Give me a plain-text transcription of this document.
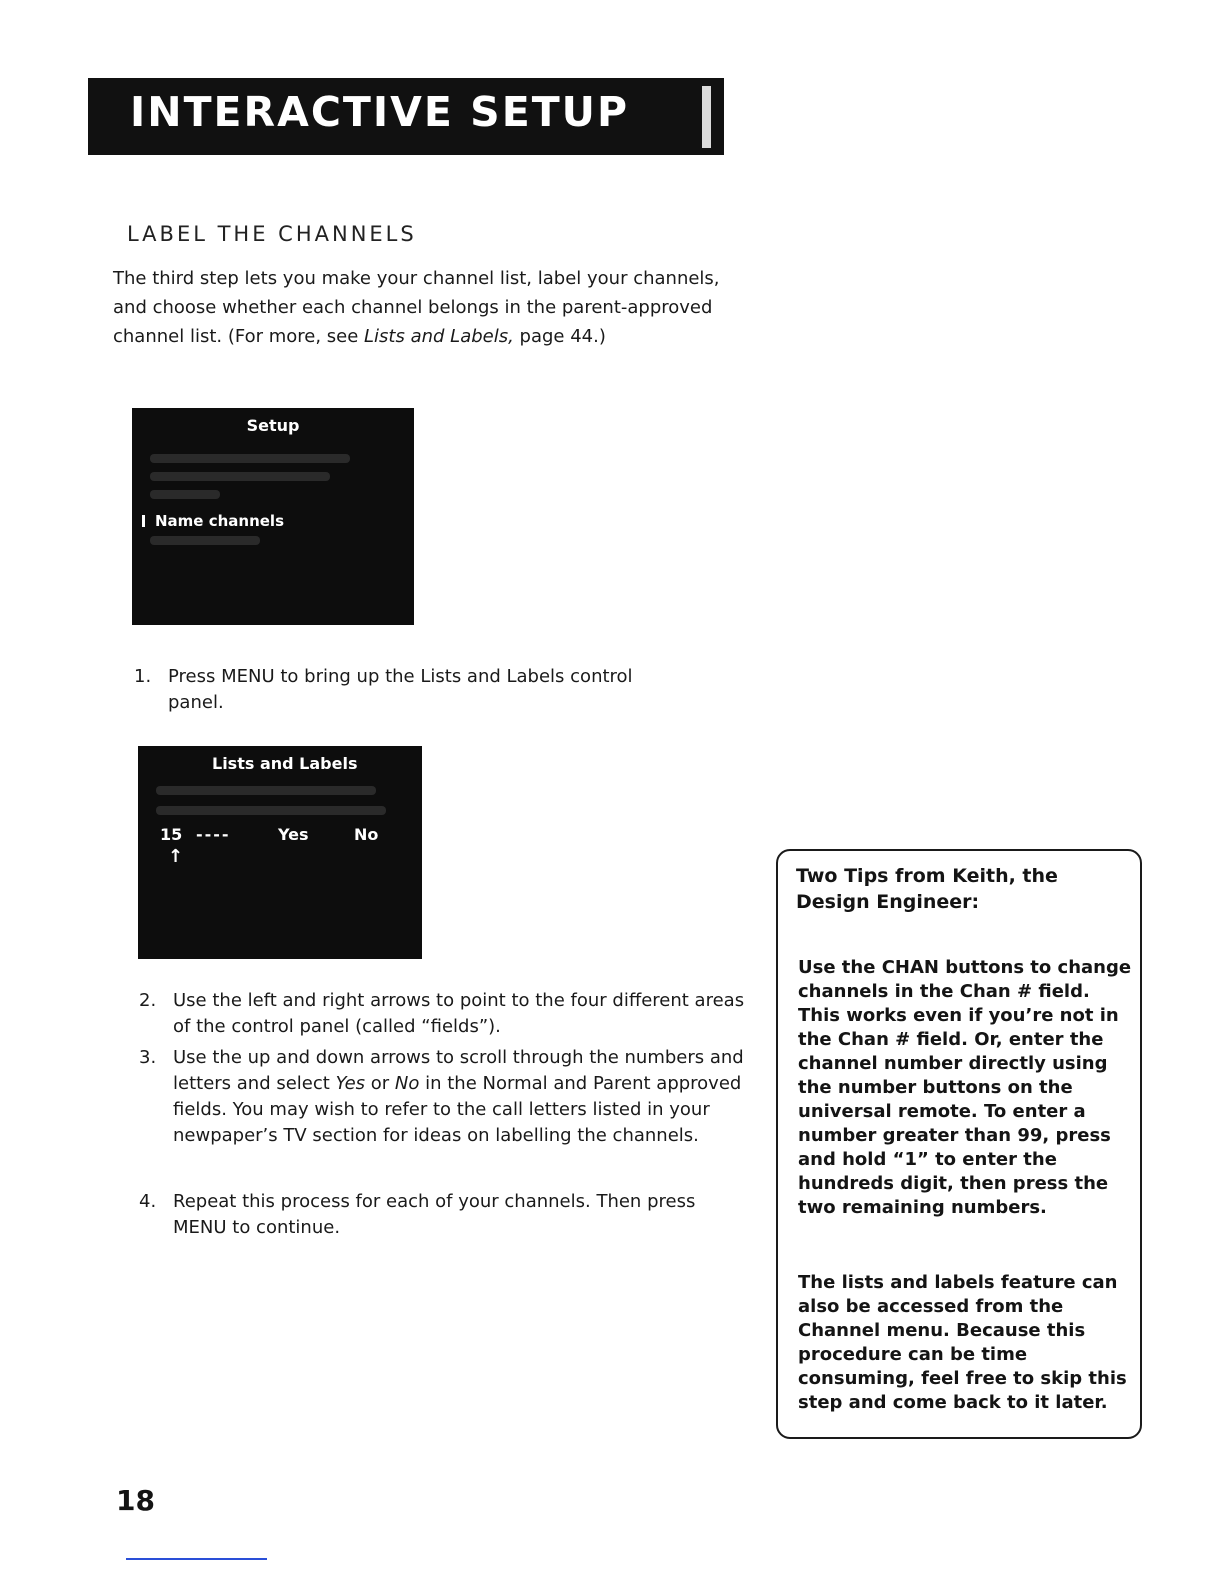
INTERACTIVE SETUP
LABEL THE CHANNELS

The third step lets you make your channel list, label your channels, and choose whether each channel belongs in the parent-approved channel list. (For more, see Lists and Labels, page 44.)

Setup
Name channels
1. Press MENU to bring up the Lists and Labels control panel.
Lists and Labels
15 ----	Yes	No
↑
2. Use the left and right arrows to point to the four different areas of the control panel (called “fields”).
3. Use the up and down arrows to scroll through the numbers and letters and select Yes or No in the Normal and Parent approved fields. You may wish to refer to the call letters listed in your newpaper’s TV section for ideas on labelling the channels.
4. Repeat this process for each of your channels. Then press MENU to continue.
Two Tips from Keith, the Design Engineer:

Use the CHAN buttons to change channels in the Chan # field. This works even if you’re not in the Chan # field. Or, enter the channel number directly using the number buttons on the universal remote. To enter a number greater than 99, press and hold “1” to enter the hundreds digit, then press the two remaining numbers.

The lists and labels feature can also be accessed from the Channel menu. Because this procedure can be time consuming, feel free to skip this step and come back to it later.

18
